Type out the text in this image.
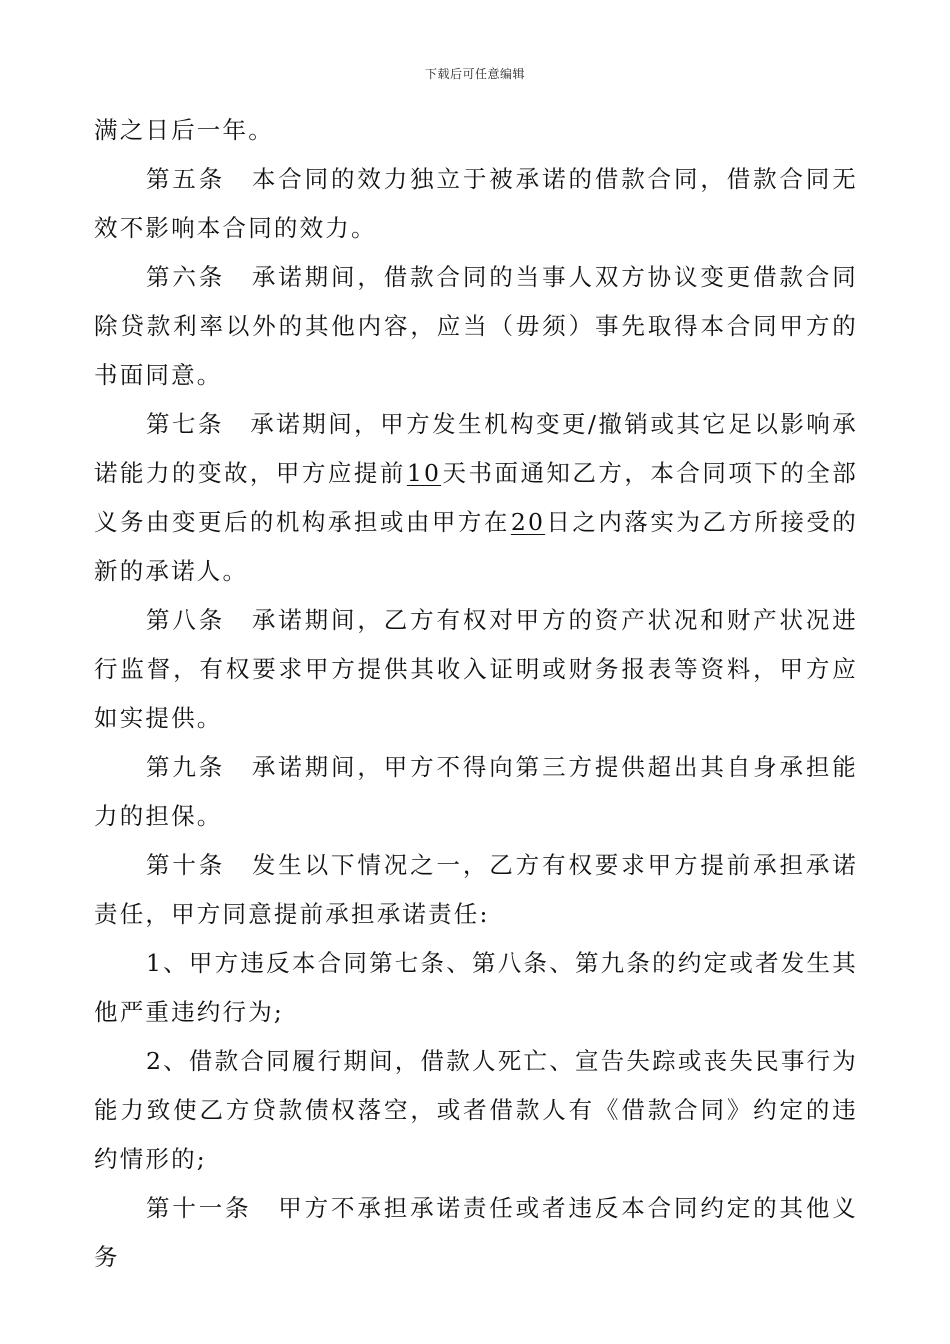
下载后可任意编辑

满之日后一年。

第五条 本合同的效力独立于被承诺的借款合同，借款合同无效不影响本合同的效力。

第六条 承诺期间，借款合同的当事人双方协议变更借款合同除贷款利率以外的其他内容，应当（毋须）事先取得本合同甲方的书面同意。

第七条 承诺期间，甲方发生机构变更/撤销或其它足以影响承诺能力的变故，甲方应提前10天书面通知乙方，本合同项下的全部义务由变更后的机构承担或由甲方在20日之内落实为乙方所接受的新的承诺人。

第八条 承诺期间，乙方有权对甲方的资产状况和财产状况进行监督，有权要求甲方提供其收入证明或财务报表等资料，甲方应如实提供。

第九条 承诺期间，甲方不得向第三方提供超出其自身承担能力的担保。

第十条 发生以下情况之一，乙方有权要求甲方提前承担承诺责任，甲方同意提前承担承诺责任:

1、甲方违反本合同第七条、第八条、第九条的约定或者发生其他严重违约行为;

2、借款合同履行期间，借款人死亡、宣告失踪或丧失民事行为能力致使乙方贷款债权落空，或者借款人有《借款合同》约定的违约情形的;

第十一条 甲方不承担承诺责任或者违反本合同约定的其他义务
